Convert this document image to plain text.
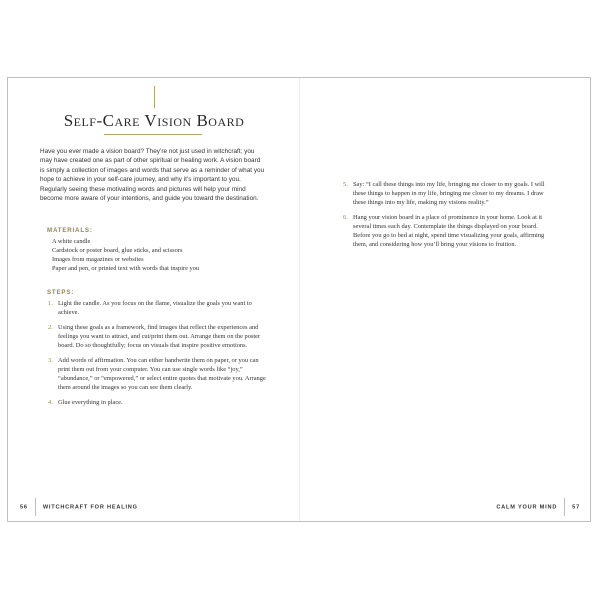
Self-Care Vision Board
Have you ever made a vision board? They’re not just used in witchcraft; you may have created one as part of other spiritual or healing work. A vision board is simply a collection of images and words that serve as a reminder of what you hope to achieve in your self-care journey, and why it’s important to you. Regularly seeing these motivating words and pictures will help your mind become more aware of your intentions, and guide you toward the destination.
MATERIALS:
A white candle
Cardstock or poster board, glue sticks, and scissors
Images from magazines or websites
Paper and pen, or printed text with words that inspire you
STEPS:
1. Light the candle. As you focus on the flame, visualize the goals you want to achieve.
2. Using these goals as a framework, find images that reflect the experiences and feelings you want to attract, and cut/print them out. Arrange them on the poster board. Do so thoughtfully; focus on visuals that inspire positive emotions.
3. Add words of affirmation. You can either handwrite them on paper, or you can print them out from your computer. You can use single words like “joy,” “abundance,” or “empowered,” or select entire quotes that motivate you. Arrange them around the images so you can see them clearly.
4. Glue everything in place.
56	WITCHCRAFT FOR HEALING
5. Say: “I call these things into my life, bringing me closer to my goals. I will these things to happen in my life, bringing me closer to my dreams. I draw these things into my life, making my visions reality.”
6. Hang your vision board in a place of prominence in your home. Look at it several times each day. Contemplate the things displayed on your board. Before you go to bed at night, spend time visualizing your goals, affirming them, and considering how you’ll bring your visions to fruition.
CALM YOUR MIND	57
